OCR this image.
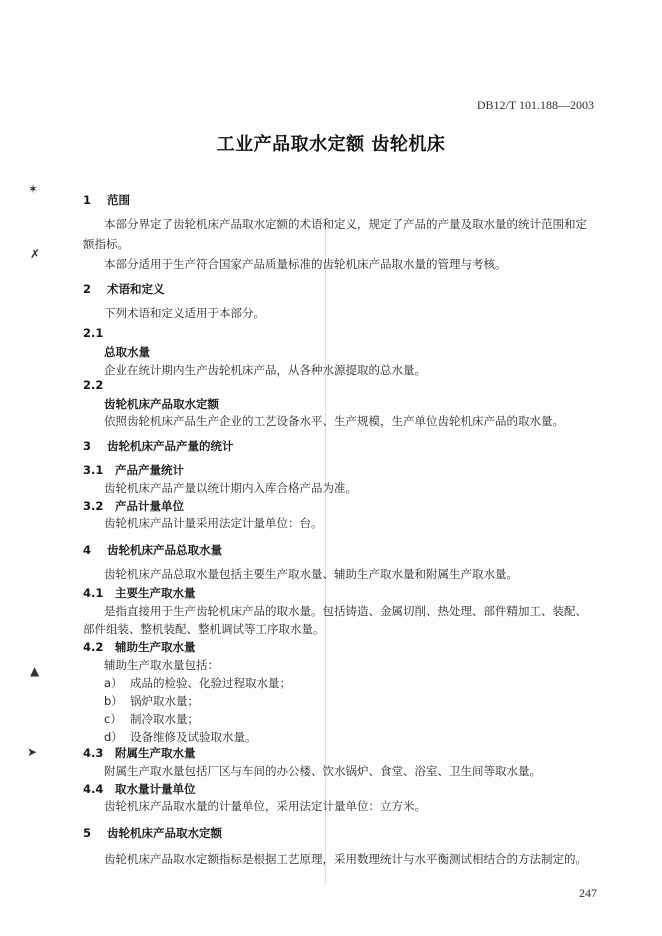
✶
✗
▲
➤
DB12/T 101.188—2003
工业产品取水定额 齿轮机床
1 范围
本部分界定了齿轮机床产品取水定额的术语和定义，规定了产品的产量及取水量的统计范围和定
额指标。
本部分适用于生产符合国家产品质量标准的齿轮机床产品取水量的管理与考核。
2 术语和定义
下列术语和定义适用于本部分。
2.1
总取水量
企业在统计期内生产齿轮机床产品，从各种水源提取的总水量。
2.2
齿轮机床产品取水定额
依照齿轮机床产品生产企业的工艺设备水平、生产规模，生产单位齿轮机床产品的取水量。
3 齿轮机床产品产量的统计
3.1 产品产量统计
齿轮机床产品产量以统计期内入库合格产品为准。
3.2 产品计量单位
齿轮机床产品计量采用法定计量单位：台。
4 齿轮机床产品总取水量
齿轮机床产品总取水量包括主要生产取水量、辅助生产取水量和附属生产取水量。
4.1 主要生产取水量
是指直接用于生产齿轮机床产品的取水量。包括铸造、金属切削、热处理、部件精加工、装配、
部件组装、整机装配、整机调试等工序取水量。
4.2 辅助生产取水量
辅助生产取水量包括：
a） 成品的检验、化验过程取水量；
b） 锅炉取水量；
c） 制冷取水量；
d） 设备维修及试验取水量。
4.3 附属生产取水量
附属生产取水量包括厂区与车间的办公楼、饮水锅炉、食堂、浴室、卫生间等取水量。
4.4 取水量计量单位
齿轮机床产品取水量的计量单位，采用法定计量单位：立方米。
5 齿轮机床产品取水定额
齿轮机床产品取水定额指标是根据工艺原理，采用数理统计与水平衡测试相结合的方法制定的。
247
